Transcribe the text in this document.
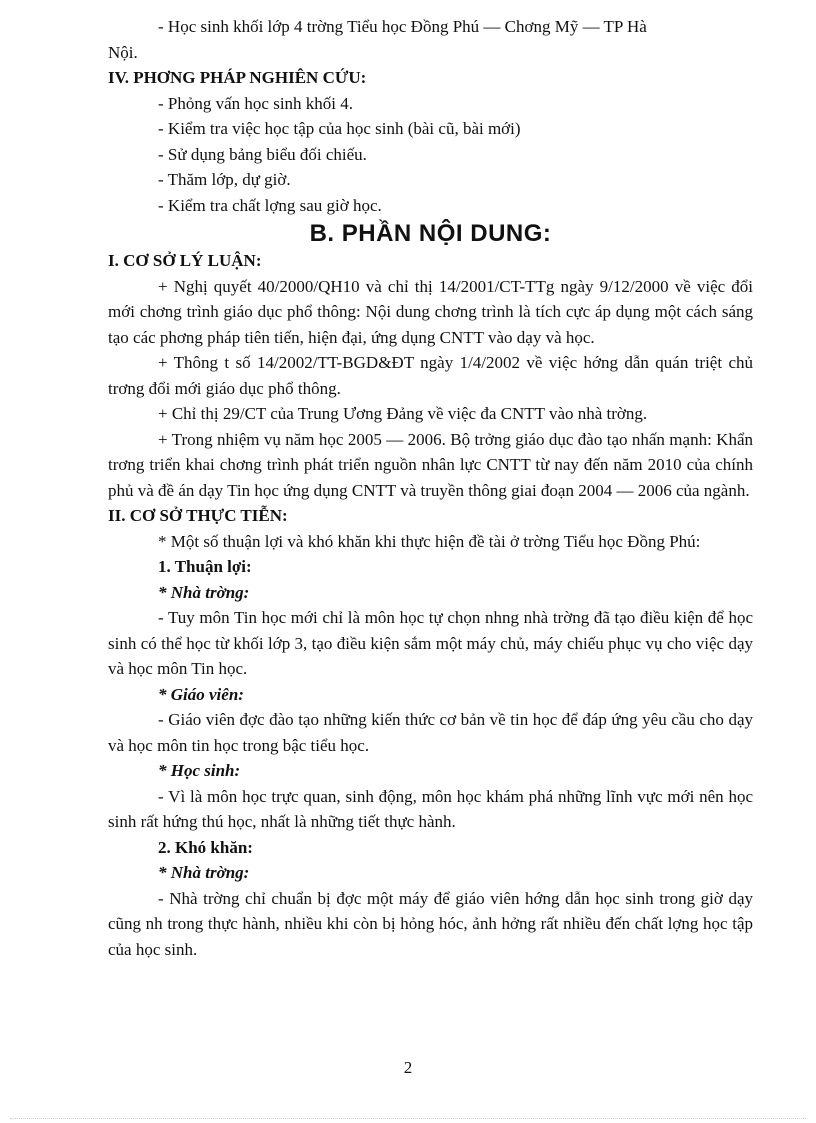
- Học sinh khối lớp 4 trờng Tiểu học Đồng Phú — Chơng Mỹ — TP Hà

Nội.

IV. PHƠNG PHÁP NGHIÊN CỨU:

- Phỏng vấn học sinh khối 4.

- Kiểm tra việc học tập của học sinh (bài cũ, bài mới)

- Sử dụng bảng biểu đối chiếu.

- Thăm lớp, dự giờ.

- Kiểm tra chất lợng sau giờ học.

B. PHẦN NỘI DUNG:

I. CƠ SỞ LÝ LUẬN:

+ Nghị quyết 40/2000/QH10 và chỉ thị 14/2001/CT-TTg ngày 9/12/2000 về việc đổi mới chơng trình giáo dục phổ thông: Nội dung chơng trình là tích cực áp dụng một cách sáng tạo các phơng pháp tiên tiến, hiện đại, ứng dụng CNTT vào dạy và học.

+ Thông t số 14/2002/TT-BGD&ĐT ngày 1/4/2002 về việc hớng dẫn quán triệt chủ trơng đổi mới giáo dục phổ thông.

+ Chỉ thị 29/CT của Trung Ương Đảng về việc đa CNTT vào nhà trờng.

+ Trong nhiệm vụ năm học 2005 — 2006. Bộ trởng giáo dục đào tạo nhấn mạnh: Khẩn trơng triển khai chơng trình phát triển nguồn nhân lực CNTT từ nay đến năm 2010 của chính phủ và đề án dạy Tin học ứng dụng CNTT và truyền thông giai đoạn 2004 — 2006 của ngành.

II. CƠ SỞ THỰC TIỄN:

* Một số thuận lợi và khó khăn khi thực hiện đề tài ở trờng Tiểu học Đồng Phú:

1. Thuận lợi:

* Nhà trờng:

- Tuy môn Tin học mới chỉ là môn học tự chọn nhng nhà trờng đã tạo điều kiện để học sinh có thể học từ khối lớp 3, tạo điều kiện sắm một máy chủ, máy chiếu phục vụ cho việc dạy và học môn Tin học.

* Giáo viên:

- Giáo viên đợc đào tạo những kiến thức cơ bản về tin học để đáp ứng yêu cầu cho dạy và học môn tin học trong bậc tiểu học.

* Học sinh:

- Vì là môn học trực quan, sinh động, môn học khám phá những lĩnh vực mới nên học sinh rất hứng thú học, nhất là những tiết thực hành.

2. Khó khăn:

* Nhà trờng:

- Nhà trờng chỉ chuẩn bị đợc một máy để giáo viên hớng dẫn học sinh trong giờ dạy cũng nh trong thực hành, nhiều khi còn bị hỏng hóc, ảnh hởng rất nhiều đến chất lợng học tập của học sinh.

2
